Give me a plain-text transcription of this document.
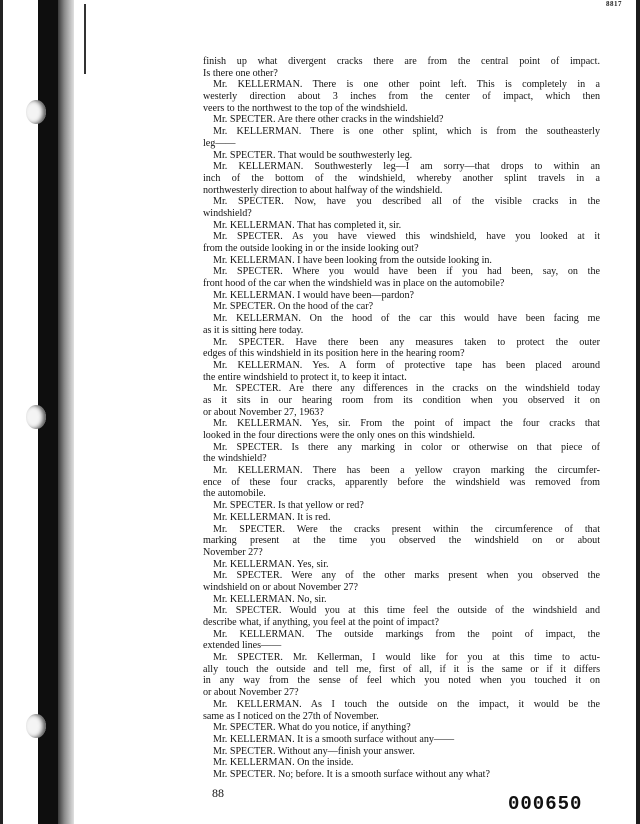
8817
finish up what divergent cracks there are from the central point of impact.
Is there one other?
Mr. KELLERMAN. There is one other point left. This is completely in a
westerly direction about 3 inches from the center of impact, which then
veers to the northwest to the top of the windshield.
Mr. SPECTER. Are there other cracks in the windshield?
Mr. KELLERMAN. There is one other splint, which is from the southeasterly
leg——
Mr. SPECTER. That would be southwesterly leg.
Mr. KELLERMAN. Southwesterly leg—I am sorry—that drops to within an
inch of the bottom of the windshield, whereby another splint travels in a
northwesterly direction to about halfway of the windshield.
Mr. SPECTER. Now, have you described all of the visible cracks in the
windshield?
Mr. KELLERMAN. That has completed it, sir.
Mr. SPECTER. As you have viewed this windshield, have you looked at it
from the outside looking in or the inside looking out?
Mr. KELLERMAN. I have been looking from the outside looking in.
Mr. SPECTER. Where you would have been if you had been, say, on the
front hood of the car when the windshield was in place on the automobile?
Mr. KELLERMAN. I would have been—pardon?
Mr. SPECTER. On the hood of the car?
Mr. KELLERMAN. On the hood of the car this would have been facing me
as it is sitting here today.
Mr. SPECTER. Have there been any measures taken to protect the outer
edges of this windshield in its position here in the hearing room?
Mr. KELLERMAN. Yes. A form of protective tape has been placed around
the entire windshield to protect it, to keep it intact.
Mr. SPECTER. Are there any differences in the cracks on the windshield today
as it sits in our hearing room from its condition when you observed it on
or about November 27, 1963?
Mr. KELLERMAN. Yes, sir. From the point of impact the four cracks that
looked in the four directions were the only ones on this windshield.
Mr. SPECTER. Is there any marking in color or otherwise on that piece of
the windshield?
Mr. KELLERMAN. There has been a yellow crayon marking the circumfer-
ence of these four cracks, apparently before the windshield was removed from
the automobile.
Mr. SPECTER. Is that yellow or red?
Mr. KELLERMAN. It is red.
Mr. SPECTER. Were the cracks present within the circumference of that
marking present at the time you observed the windshield on or about
November 27?
Mr. KELLERMAN. Yes, sir.
Mr. SPECTER. Were any of the other marks present when you observed the
windshield on or about November 27?
Mr. KELLERMAN. No, sir.
Mr. SPECTER. Would you at this time feel the outside of the windshield and
describe what, if anything, you feel at the point of impact?
Mr. KELLERMAN. The outside markings from the point of impact, the
extended lines——
Mr. SPECTER. Mr. Kellerman, I would like for you at this time to actu-
ally touch the outside and tell me, first of all, if it is the same or if it differs
in any way from the sense of feel which you noted when you touched it on
or about November 27?
Mr. KELLERMAN. As I touch the outside on the impact, it would be the
same as I noticed on the 27th of November.
Mr. SPECTER. What do you notice, if anything?
Mr. KELLERMAN. It is a smooth surface without any——
Mr. SPECTER. Without any—finish your answer.
Mr. KELLERMAN. On the inside.
Mr. SPECTER. No; before. It is a smooth surface without any what?
88	000650
